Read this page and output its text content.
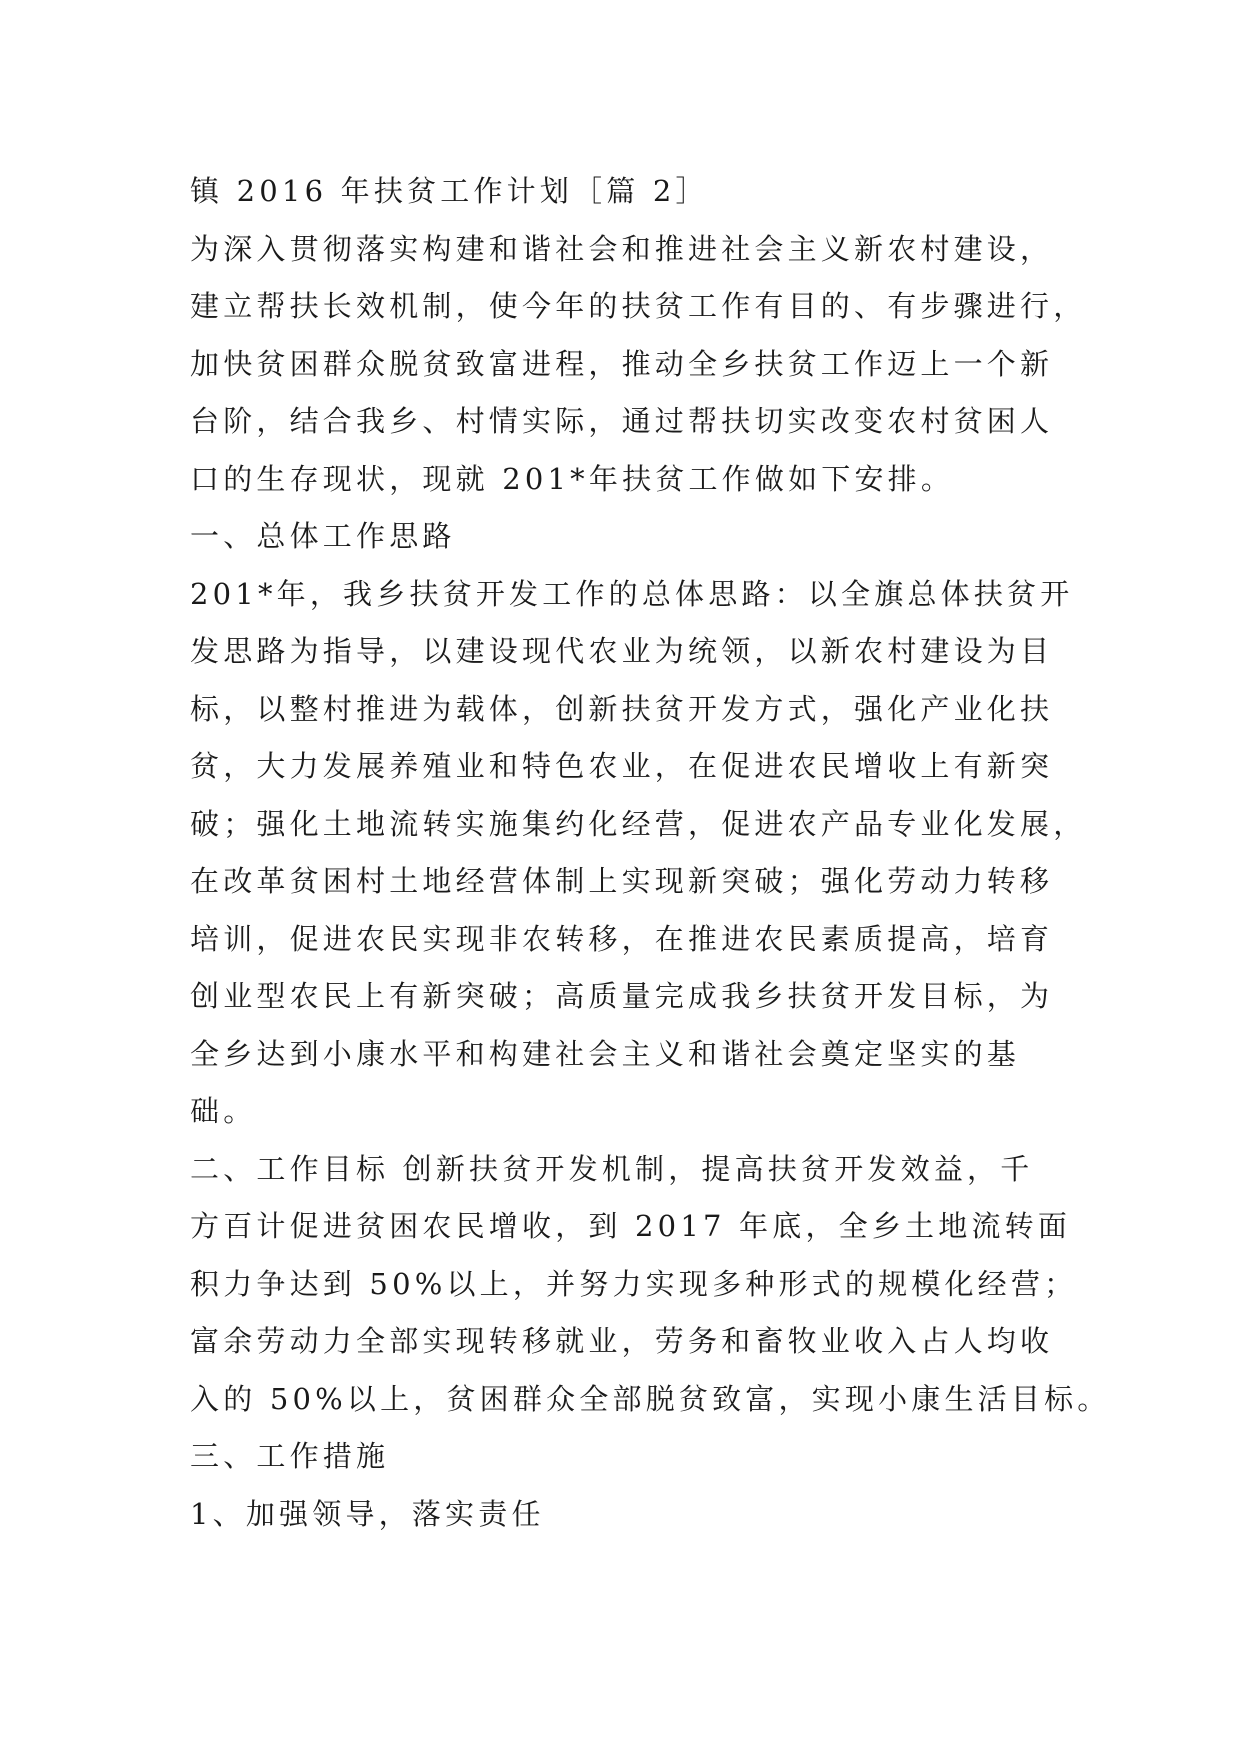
镇 2016 年扶贫工作计划［篇 2］
为深入贯彻落实构建和谐社会和推进社会主义新农村建设，
建立帮扶长效机制，使今年的扶贫工作有目的、有步骤进行，
加快贫困群众脱贫致富进程，推动全乡扶贫工作迈上一个新
台阶，结合我乡、村情实际，通过帮扶切实改变农村贫困人
口的生存现状，现就 201*年扶贫工作做如下安排。
一、总体工作思路
201*年，我乡扶贫开发工作的总体思路：以全旗总体扶贫开
发思路为指导，以建设现代农业为统领，以新农村建设为目
标，以整村推进为载体，创新扶贫开发方式，强化产业化扶
贫，大力发展养殖业和特色农业，在促进农民增收上有新突
破；强化土地流转实施集约化经营，促进农产品专业化发展，
在改革贫困村土地经营体制上实现新突破；强化劳动力转移
培训，促进农民实现非农转移，在推进农民素质提高，培育
创业型农民上有新突破；高质量完成我乡扶贫开发目标，为
全乡达到小康水平和构建社会主义和谐社会奠定坚实的基
础。
二、工作目标 创新扶贫开发机制，提高扶贫开发效益，千
方百计促进贫困农民增收，到 2017 年底，全乡土地流转面
积力争达到 50%以上，并努力实现多种形式的规模化经营；
富余劳动力全部实现转移就业，劳务和畜牧业收入占人均收
入的 50%以上，贫困群众全部脱贫致富，实现小康生活目标。
三、工作措施
1、加强领导，落实责任
